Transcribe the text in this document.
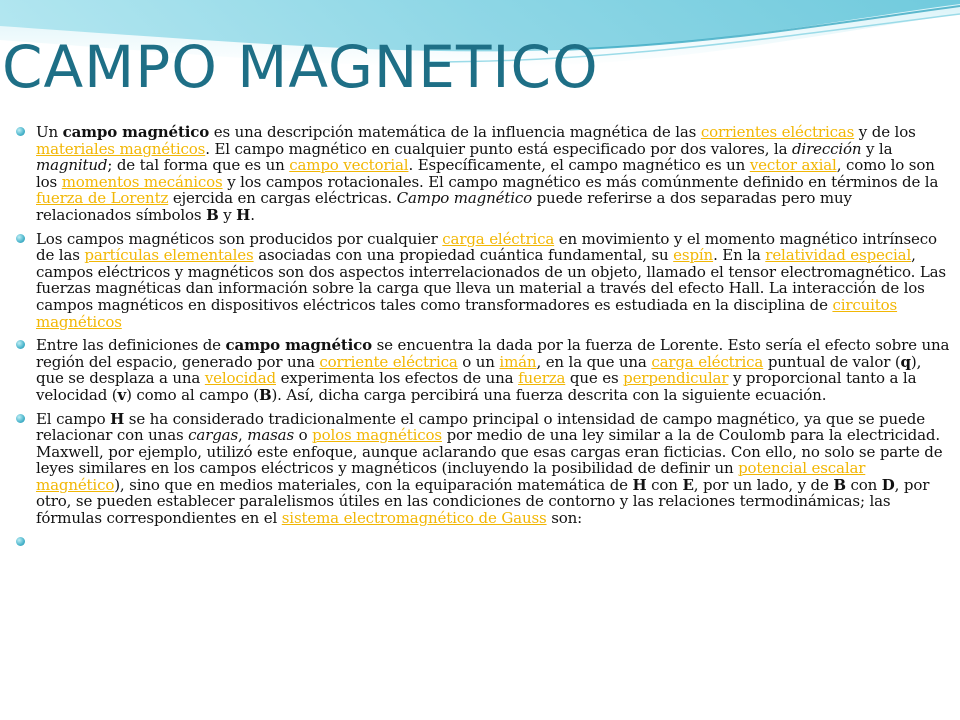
CAMPO MAGNETICO
Un campo magnético es una descripción matemática de la influencia magnética de las corrientes eléctricas y de los materiales magnéticos. El campo magnético en cualquier punto está especificado por dos valores, la dirección y la magnitud; de tal forma que es un campo vectorial. Específicamente, el campo magnético es un vector axial, como lo son los momentos mecánicos y los campos rotacionales. El campo magnético es más comúnmente definido en términos de la fuerza de Lorentz ejercida en cargas eléctricas. Campo magnético puede referirse a dos separadas pero muy relacionados símbolos B y H.
Los campos magnéticos son producidos por cualquier carga eléctrica en movimiento y el momento magnético intrínseco de las partículas elementales asociadas con una propiedad cuántica fundamental, su espín. En la relatividad especial, campos eléctricos y magnéticos son dos aspectos interrelacionados de un objeto, llamado el tensor electromagnético. Las fuerzas magnéticas dan información sobre la carga que lleva un material a través del efecto Hall. La interacción de los campos magnéticos en dispositivos eléctricos tales como transformadores es estudiada en la disciplina de circuitos magnéticos
Entre las definiciones de campo magnético se encuentra la dada por la fuerza de Lorente. Esto sería el efecto sobre una región del espacio, generado por una corriente eléctrica o un imán, en la que una carga eléctrica puntual de valor (q), que se desplaza a una velocidad experimenta los efectos de una fuerza que es perpendicular y proporcional tanto a la velocidad (v) como al campo (B). Así, dicha carga percibirá una fuerza descrita con la siguiente ecuación.
El campo H se ha considerado tradicionalmente el campo principal o intensidad de campo magnético, ya que se puede relacionar con unas cargas, masas o polos magnéticos por medio de una ley similar a la de Coulomb para la electricidad. Maxwell, por ejemplo, utilizó este enfoque, aunque aclarando que esas cargas eran ficticias. Con ello, no solo se parte de leyes similares en los campos eléctricos y magnéticos (incluyendo la posibilidad de definir un potencial escalar magnético), sino que en medios materiales, con la equiparación matemática de H con E, por un lado, y de B con D, por otro, se pueden establecer paralelismos útiles en las condiciones de contorno y las relaciones termodinámicas; las fórmulas correspondientes en el sistema electromagnético de Gauss son:
